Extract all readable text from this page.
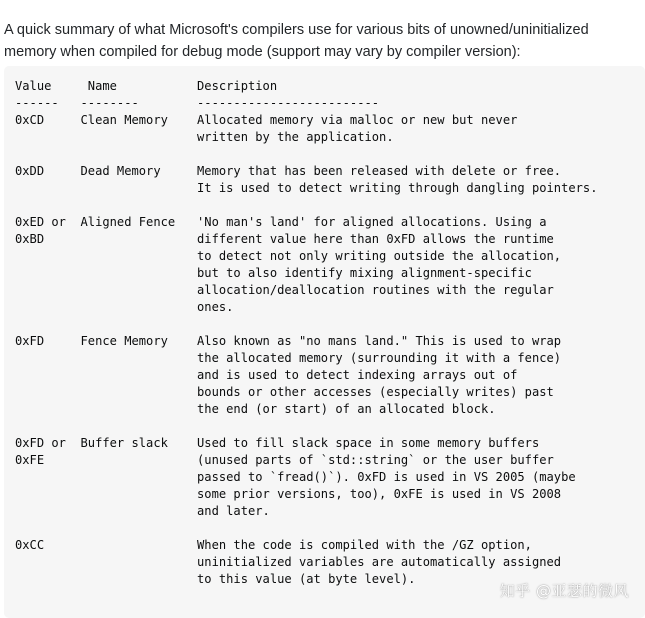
A quick summary of what Microsoft's compilers use for various bits of unowned/uninitialized memory when compiled for debug mode (support may vary by compiler version):

Value     Name           Description
------   --------        -------------------------
0xCD     Clean Memory    Allocated memory via malloc or new but never
written by the application.

0xDD     Dead Memory     Memory that has been released with delete or free.
It is used to detect writing through dangling pointers.

0xED or  Aligned Fence   'No man's land' for aligned allocations. Using a
0xBD                     different value here than 0xFD allows the runtime
to detect not only writing outside the allocation,
but to also identify mixing alignment-specific
allocation/deallocation routines with the regular
ones.

0xFD     Fence Memory    Also known as "no mans land." This is used to wrap
the allocated memory (surrounding it with a fence)
and is used to detect indexing arrays out of
bounds or other accesses (especially writes) past
the end (or start) of an allocated block.

0xFD or  Buffer slack    Used to fill slack space in some memory buffers
0xFE                     (unused parts of `std::string` or the user buffer
passed to `fread()`). 0xFD is used in VS 2005 (maybe
some prior versions, too), 0xFE is used in VS 2008
and later.

0xCC                     When the code is compiled with the /GZ option,
uninitialized variables are automatically assigned
to this value (at byte level).
知乎 @亚瑟的微风
